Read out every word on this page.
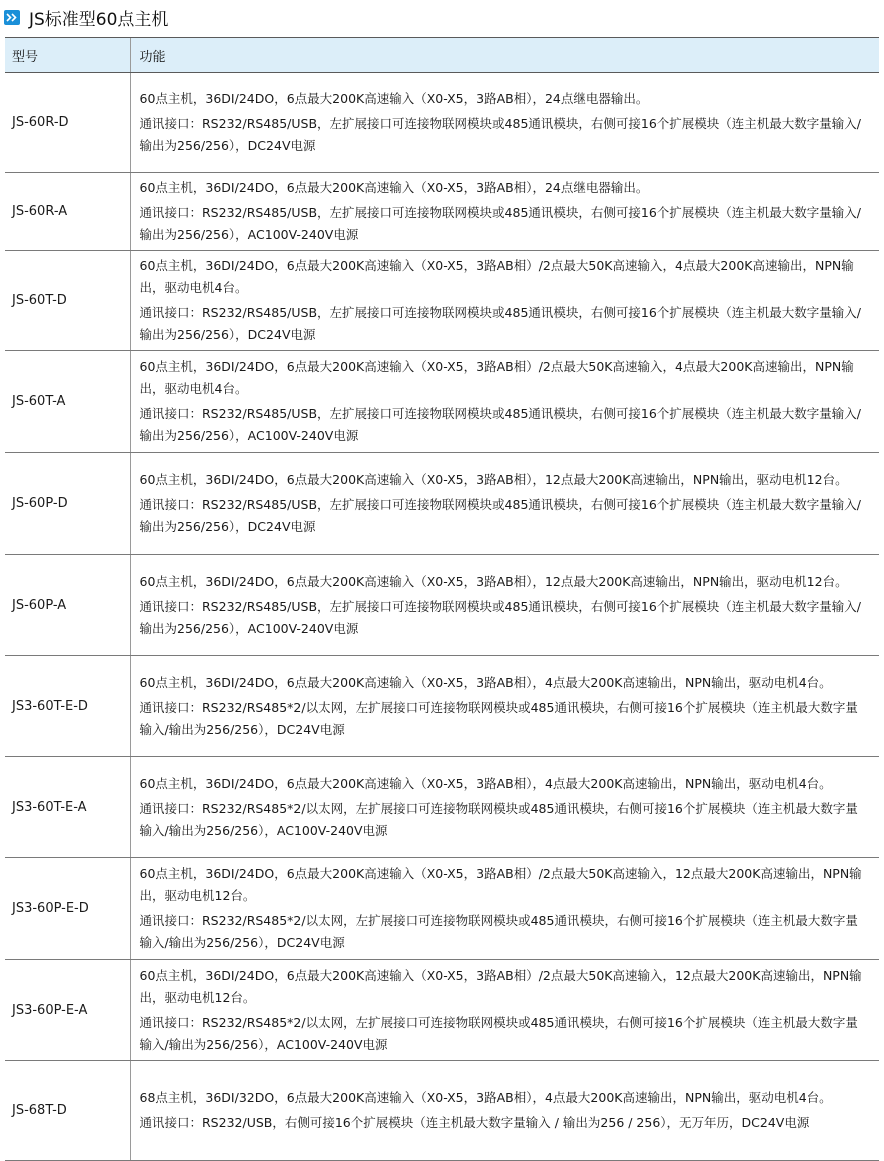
JS标准型60点主机
型号	功能
JS-60R-D	60点主机，36DI/24DO，6点最大200K高速输入（X0-X5，3路AB相），24点继电器输出。

通讯接口：RS232/RS485/USB，左扩展接口可连接物联网模块或485通讯模块，右侧可接16个扩展模块（连主机最大数字量输入/输出为256/256），DC24V电源

JS-60R-A	60点主机，36DI/24DO，6点最大200K高速输入（X0-X5，3路AB相），24点继电器输出。

通讯接口：RS232/RS485/USB，左扩展接口可连接物联网模块或485通讯模块，右侧可接16个扩展模块（连主机最大数字量输入/输出为256/256），AC100V-240V电源

JS-60T-D	60点主机，36DI/24DO，6点最大200K高速输入（X0-X5，3路AB相）/2点最大50K高速输入，4点最大200K高速输出，NPN输出，驱动电机4台。

通讯接口：RS232/RS485/USB，左扩展接口可连接物联网模块或485通讯模块，右侧可接16个扩展模块（连主机最大数字量输入/输出为256/256），DC24V电源

JS-60T-A	60点主机，36DI/24DO，6点最大200K高速输入（X0-X5，3路AB相）/2点最大50K高速输入，4点最大200K高速输出，NPN输出，驱动电机4台。

通讯接口：RS232/RS485/USB，左扩展接口可连接物联网模块或485通讯模块，右侧可接16个扩展模块（连主机最大数字量输入/输出为256/256），AC100V-240V电源

JS-60P-D	60点主机，36DI/24DO，6点最大200K高速输入（X0-X5，3路AB相），12点最大200K高速输出，NPN输出，驱动电机12台。

通讯接口：RS232/RS485/USB，左扩展接口可连接物联网模块或485通讯模块，右侧可接16个扩展模块（连主机最大数字量输入/输出为256/256），DC24V电源

JS-60P-A	60点主机，36DI/24DO，6点最大200K高速输入（X0-X5，3路AB相），12点最大200K高速输出，NPN输出，驱动电机12台。

通讯接口：RS232/RS485/USB，左扩展接口可连接物联网模块或485通讯模块，右侧可接16个扩展模块（连主机最大数字量输入/输出为256/256），AC100V-240V电源

JS3-60T-E-D	60点主机，36DI/24DO，6点最大200K高速输入（X0-X5，3路AB相），4点最大200K高速输出，NPN输出，驱动电机4台。

通讯接口：RS232/RS485*2/以太网，左扩展接口可连接物联网模块或485通讯模块，右侧可接16个扩展模块（连主机最大数字量输入/输出为256/256），DC24V电源

JS3-60T-E-A	60点主机，36DI/24DO，6点最大200K高速输入（X0-X5，3路AB相），4点最大200K高速输出，NPN输出，驱动电机4台。

通讯接口：RS232/RS485*2/以太网，左扩展接口可连接物联网模块或485通讯模块，右侧可接16个扩展模块（连主机最大数字量输入/输出为256/256），AC100V-240V电源

JS3-60P-E-D	60点主机，36DI/24DO，6点最大200K高速输入（X0-X5，3路AB相）/2点最大50K高速输入，12点最大200K高速输出，NPN输出，驱动电机12台。

通讯接口：RS232/RS485*2/以太网，左扩展接口可连接物联网模块或485通讯模块，右侧可接16个扩展模块（连主机最大数字量输入/输出为256/256），DC24V电源

JS3-60P-E-A	60点主机，36DI/24DO，6点最大200K高速输入（X0-X5，3路AB相）/2点最大50K高速输入，12点最大200K高速输出，NPN输出，驱动电机12台。

通讯接口：RS232/RS485*2/以太网，左扩展接口可连接物联网模块或485通讯模块，右侧可接16个扩展模块（连主机最大数字量输入/输出为256/256），AC100V-240V电源

JS-68T-D	68点主机，36DI/32DO，6点最大200K高速输入（X0-X5，3路AB相），4点最大200K高速输出，NPN输出，驱动电机4台。

通讯接口：RS232/USB，右侧可接16个扩展模块（连主机最大数字量输入 / 输出为256 / 256），无万年历，DC24V电源
